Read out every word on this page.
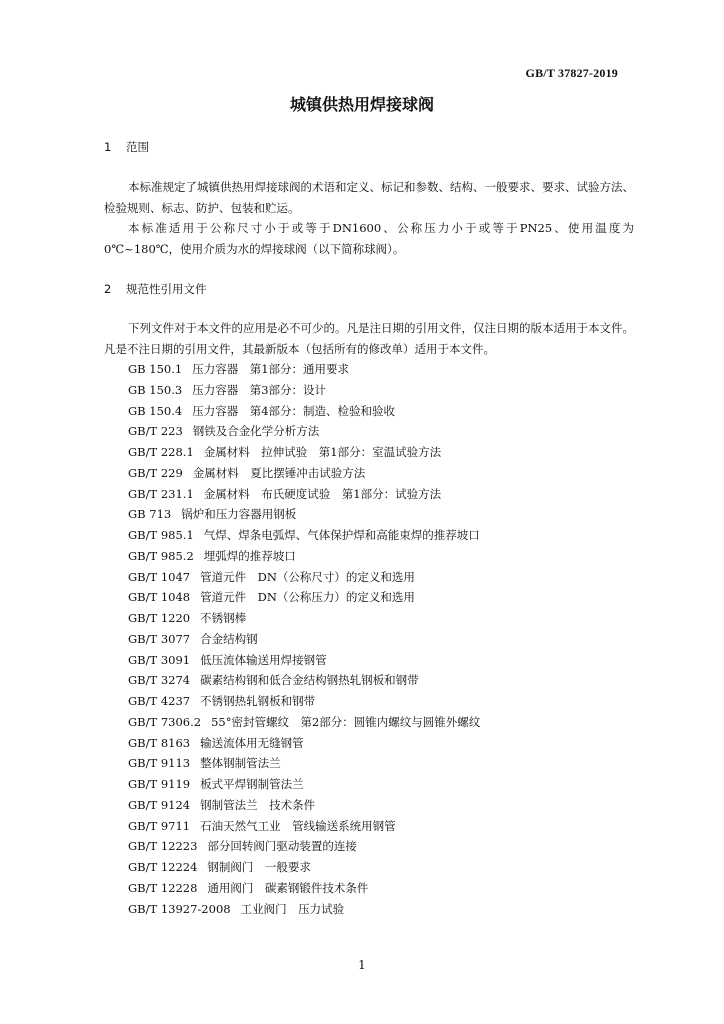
GB/T 37827-2019
城镇供热用焊接球阀
1 范围
本标准规定了城镇供热用焊接球阀的术语和定义、标记和参数、结构、一般要求、要求、试验方法、检验规则、标志、防护、包装和贮运。
本标准适用于公称尺寸小于或等于DN1600、公称压力小于或等于PN25、使用温度为0℃~180℃，使用介质为水的焊接球阀（以下简称球阀）。
2 规范性引用文件
下列文件对于本文件的应用是必不可少的。凡是注日期的引用文件，仅注日期的版本适用于本文件。凡是不注日期的引用文件，其最新版本（包括所有的修改单）适用于本文件。
GB 150.1 压力容器　第1部分：通用要求
GB 150.3 压力容器　第3部分：设计
GB 150.4 压力容器　第4部分：制造、检验和验收
GB/T 223 钢铁及合金化学分析方法
GB/T 228.1 金属材料　拉伸试验　第1部分：室温试验方法
GB/T 229 金属材料　夏比摆锤冲击试验方法
GB/T 231.1 金属材料　布氏硬度试验　第1部分：试验方法
GB 713 锅炉和压力容器用钢板
GB/T 985.1 气焊、焊条电弧焊、气体保护焊和高能束焊的推荐坡口
GB/T 985.2 埋弧焊的推荐坡口
GB/T 1047 管道元件　DN（公称尺寸）的定义和选用
GB/T 1048 管道元件　DN（公称压力）的定义和选用
GB/T 1220 不锈钢棒
GB/T 3077 合金结构钢
GB/T 3091 低压流体输送用焊接钢管
GB/T 3274 碳素结构钢和低合金结构钢热轧钢板和钢带
GB/T 4237 不锈钢热轧钢板和钢带
GB/T 7306.2 55°密封管螺纹　第2部分：圆锥内螺纹与圆锥外螺纹
GB/T 8163 输送流体用无缝钢管
GB/T 9113 整体钢制管法兰
GB/T 9119 板式平焊钢制管法兰
GB/T 9124 钢制管法兰　技术条件
GB/T 9711 石油天然气工业　管线输送系统用钢管
GB/T 12223 部分回转阀门驱动装置的连接
GB/T 12224 钢制阀门　一般要求
GB/T 12228 通用阀门　碳素钢锻件技术条件
GB/T 13927-2008 工业阀门　压力试验
1
